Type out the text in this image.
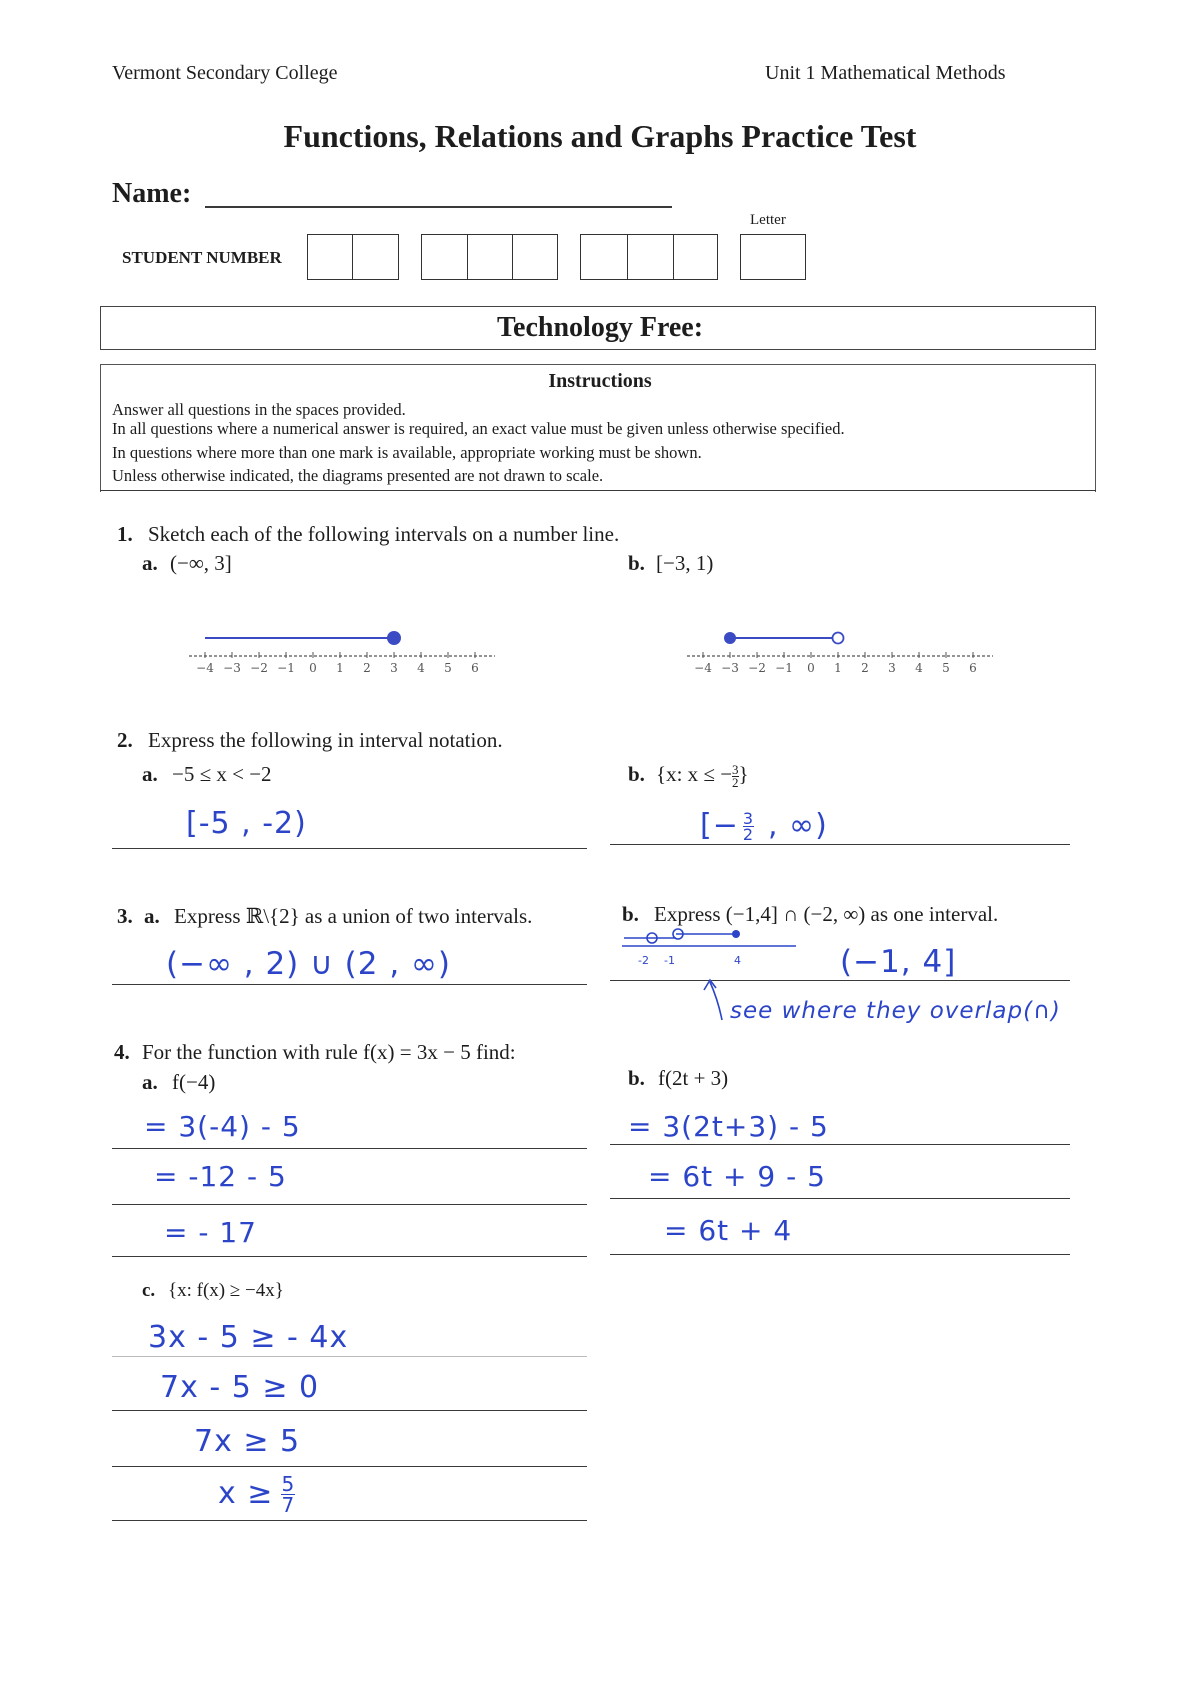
Vermont Secondary College	Unit 1 Mathematical Methods
Functions, Relations and Graphs Practice Test
Name:
Letter
STUDENT NUMBER
Technology Free:
Instructions
Answer all questions in the spaces provided.
In all questions where a numerical answer is required, an exact value must be given unless otherwise specified.
In questions where more than one mark is available, appropriate working must be shown.
Unless otherwise indicated, the diagrams presented are not drawn to scale.
1. Sketch each of the following intervals on a number line.
a. (−∞, 3]	b. [−3, 1)
−4 −3 −2 −1 0 1 2 3 4 5 6	−4 −3 −2 −1 0 1 2 3 4 5 6
2. Express the following in interval notation.
a. −5 ≤ x < −2	b. {x: x ≤ − $\frac{3}{2}$ }
[-5 , -2)	[− $\frac{3}{2}$ , ∞)
3. a. Express ℝ\{2} as a union of two intervals.	b. Express (−1,4] ∩ (−2, ∞) as one interval.
(−∞ , 2) ∪ (2 , ∞)	-2 -1	4	(−1, 4]
see where they overlap(∩)
4. For the function with rule f(x) = 3x − 5 find:
a. f(−4)	b. f(2t + 3)
= 3(-4) - 5
= -12 - 5
= - 17
= 3(2t+3) - 5
= 6t + 9 - 5
= 6t + 4
c. {x: f(x) ≥ −4x}
3x - 5 ≥ - 4x
7x - 5 ≥ 0
7x ≥ 5
$x \ge \frac{5}{7}$
